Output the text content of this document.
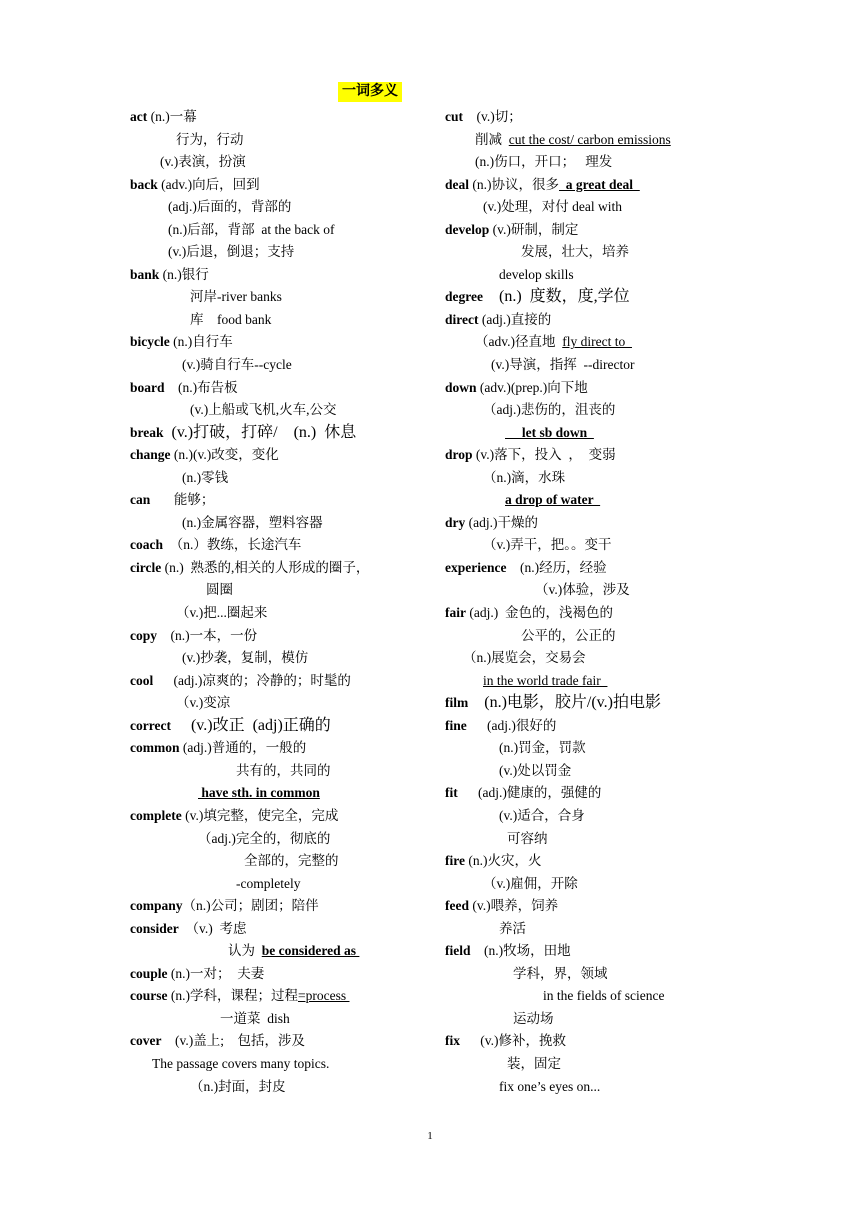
一词多义
act (n.)一幕
行为，行动
(v.)表演，扮演
back (adv.)向后，回到
(adj.)后面的，背部的
(n.)后部，背部  at the back of
(v.)后退，倒退；支持
bank (n.)银行
河岸-river banks
库    food bank
bicycle (n.)自行车
(v.)骑自行车--cycle
board    (n.)布告板
(v.)上船或飞机,火车,公交
break  (v.)打破，打碎/    (n.)  休息
change (n.)(v.)改变，变化
(n.)零钱
can       能够；
(n.)金属容器，塑料容器
coach  （n.）教练，长途汽车
circle (n.)  熟悉的,相关的人形成的圈子，
圆圈
（v.)把...圈起来
copy    (n.)一本，一份
(v.)抄袭，复制，模仿
cool      (adj.)凉爽的；冷静的；时髦的
（v.)变凉
correct     (v.)改正  (adj)正确的
common (adj.)普通的，一般的
共有的，共同的
have sth. in common
complete (v.)填完整，使完全，完成
（adj.)完全的，彻底的
全部的，完整的
-completely
company（n.)公司；剧团；陪伴
consider  （v.)  考虑
认为  be considered as
couple (n.)一对；  夫妻
course (n.)学科，课程；过程=process
一道菜  dish
cover    (v.)盖上;    包括，涉及
The passage covers many topics.
（n.)封面，封皮
cut    (v.)切；
削减  cut the cost/ carbon emissions
(n.)伤口，开口；   理发
deal (n.)协议，很多  a great deal
(v.)处理，对付 deal with
develop (v.)研制，制定
发展，壮大，培养
develop skills
degree    (n.)  度数，度,学位
direct (adj.)直接的
（adv.)径直地  fly direct to
(v.)导演，指挥  --director
down (adv.)(prep.)向下地
（adj.)悲伤的，沮丧的
let sb down
drop (v.)落下，投入  ，  变弱
（n.)滴，水珠
a drop of water
dry (adj.)干燥的
（v.)弄干，把。。变干
experience    (n.)经历，经验
（v.)体验，涉及
fair (adj.)  金色的，浅褐色的
公平的，公正的
（n.)展览会，交易会
in the world trade fair
film    (n.)电影，胶片/(v.)拍电影
fine      (adj.)很好的
(n.)罚金，罚款
(v.)处以罚金
fit      (adj.)健康的，强健的
(v.)适合，合身
可容纳
fire (n.)火灾，火
（v.)雇佣，开除
feed (v.)喂养，饲养
养活
field    (n.)牧场，田地
学科，界，领域
in the fields of science
运动场
fix      (v.)修补，挽救
装，固定
fix one’s eyes on...
1
